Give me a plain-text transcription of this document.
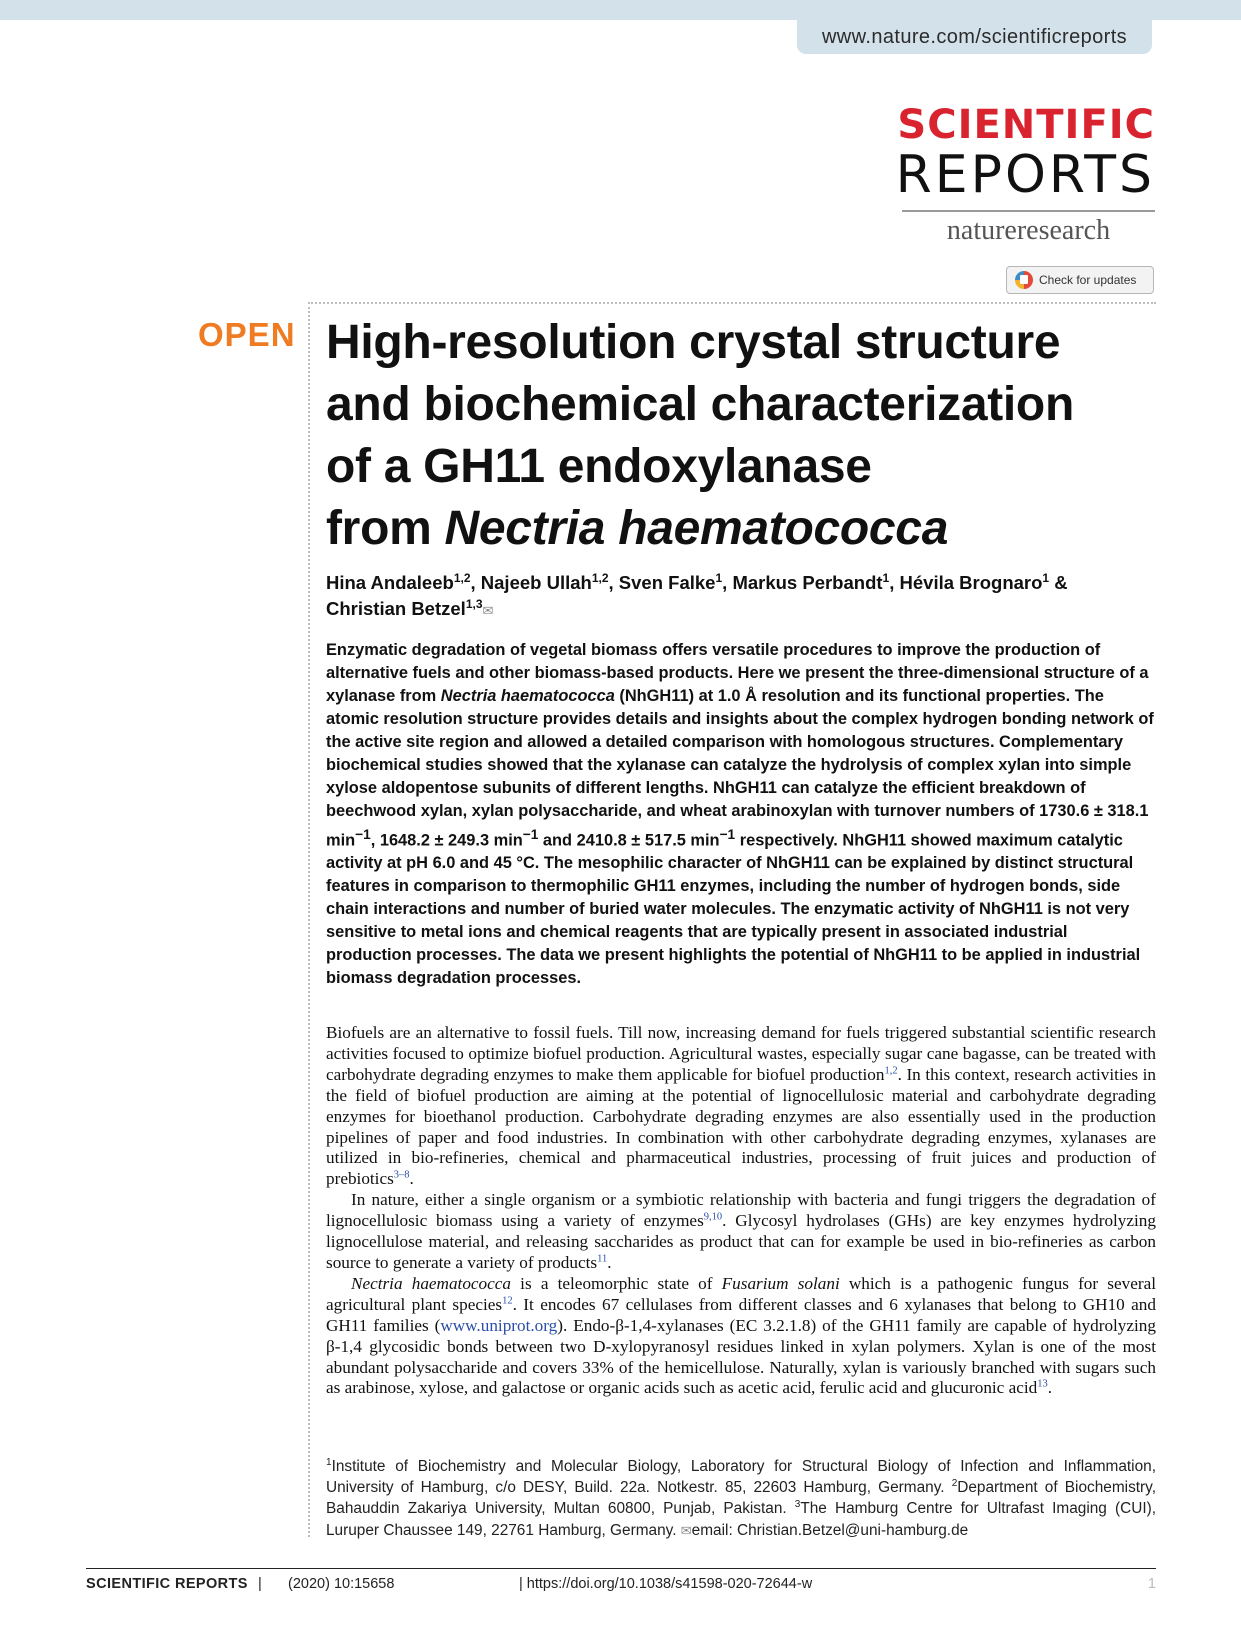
www.nature.com/scientificreports
SCIENTIFIC
REPORTS
natureresearch
Check for updates
OPEN High-resolution crystal structure
and biochemical characterization
of a GH11 endoxylanase
from Nectria haematococca
Hina Andaleeb$^{1,2}$, Najeeb Ullah$^{1,2}$, Sven Falke$^1$, Markus Perbandt$^1$, Hévila Brognaro$^1$ &
Christian Betzel$^{1,3}$✉
Enzymatic degradation of vegetal biomass offers versatile procedures to improve the production of alternative fuels and other biomass-based products. Here we present the three-dimensional structure of a xylanase from Nectria haematococca (NhGH11) at 1.0 Å resolution and its functional properties. The atomic resolution structure provides details and insights about the complex hydrogen bonding network of the active site region and allowed a detailed comparison with homologous structures. Complementary biochemical studies showed that the xylanase can catalyze the hydrolysis of complex xylan into simple xylose aldopentose subunits of different lengths. NhGH11 can catalyze the efficient breakdown of beechwood xylan, xylan polysaccharide, and wheat arabinoxylan with turnover numbers of 1730.6 ± 318.1 $\min^{-1}$, 1648.2 ± 249.3 $\min^{-1}$ and 2410.8 ± 517.5 $\min^{-1}$ respectively. NhGH11 showed maximum catalytic activity at pH 6.0 and 45 °C. The mesophilic character of NhGH11 can be explained by distinct structural features in comparison to thermophilic GH11 enzymes, including the number of hydrogen bonds, side chain interactions and number of buried water molecules. The enzymatic activity of NhGH11 is not very sensitive to metal ions and chemical reagents that are typically present in associated industrial production processes. The data we present highlights the potential of NhGH11 to be applied in industrial biomass degradation processes.

Biofuels are an alternative to fossil fuels. Till now, increasing demand for fuels triggered substantial scientific research activities focused to optimize biofuel production. Agricultural wastes, especially sugar cane bagasse, can be treated with carbohydrate degrading enzymes to make them applicable for biofuel production$^{1,2}$. In this context, research activities in the field of biofuel production are aiming at the potential of lignocellulosic material and carbohydrate degrading enzymes for bioethanol production. Carbohydrate degrading enzymes are also essentially used in the production pipelines of paper and food industries. In combination with other carbohydrate degrading enzymes, xylanases are utilized in bio-refineries, chemical and pharmaceutical industries, processing of fruit juices and production of prebiotics$^{3-8}$.

In nature, either a single organism or a symbiotic relationship with bacteria and fungi triggers the degradation of lignocellulosic biomass using a variety of enzymes$^{9,10}$. Glycosyl hydrolases (GHs) are key enzymes hydrolyzing lignocellulose material, and releasing saccharides as product that can for example be used in bio-refineries as carbon source to generate a variety of products$^{11}$.

Nectria haematococca is a teleomorphic state of Fusarium solani which is a pathogenic fungus for several agricultural plant species$^{12}$. It encodes 67 cellulases from different classes and 6 xylanases that belong to GH10 and GH11 families (www.uniprot.org). Endo-β-1,4-xylanases (EC 3.2.1.8) of the GH11 family are capable of hydrolyzing β-1,4 glycosidic bonds between two D-xylopyranosyl residues linked in xylan polymers. Xylan is one of the most abundant polysaccharide and covers 33% of the hemicellulose. Naturally, xylan is variously branched with sugars such as arabinose, xylose, and galactose or organic acids such as acetic acid, ferulic acid and glucuronic acid$^{13}$.

$^1$Institute of Biochemistry and Molecular Biology, Laboratory for Structural Biology of Infection and Inflammation, University of Hamburg, c/o DESY, Build. 22a. Notkestr. 85, 22603 Hamburg, Germany. $^2$Department of Biochemistry, Bahauddin Zakariya University, Multan 60800, Punjab, Pakistan. $^3$The Hamburg Centre for Ultrafast Imaging (CUI), Luruper Chaussee 149, 22761 Hamburg, Germany. ✉email: Christian.Betzel@uni-hamburg.de
SCIENTIFIC REPORTS | (2020) 10:15658	| https://doi.org/10.1038/s41598-020-72644-w	1
